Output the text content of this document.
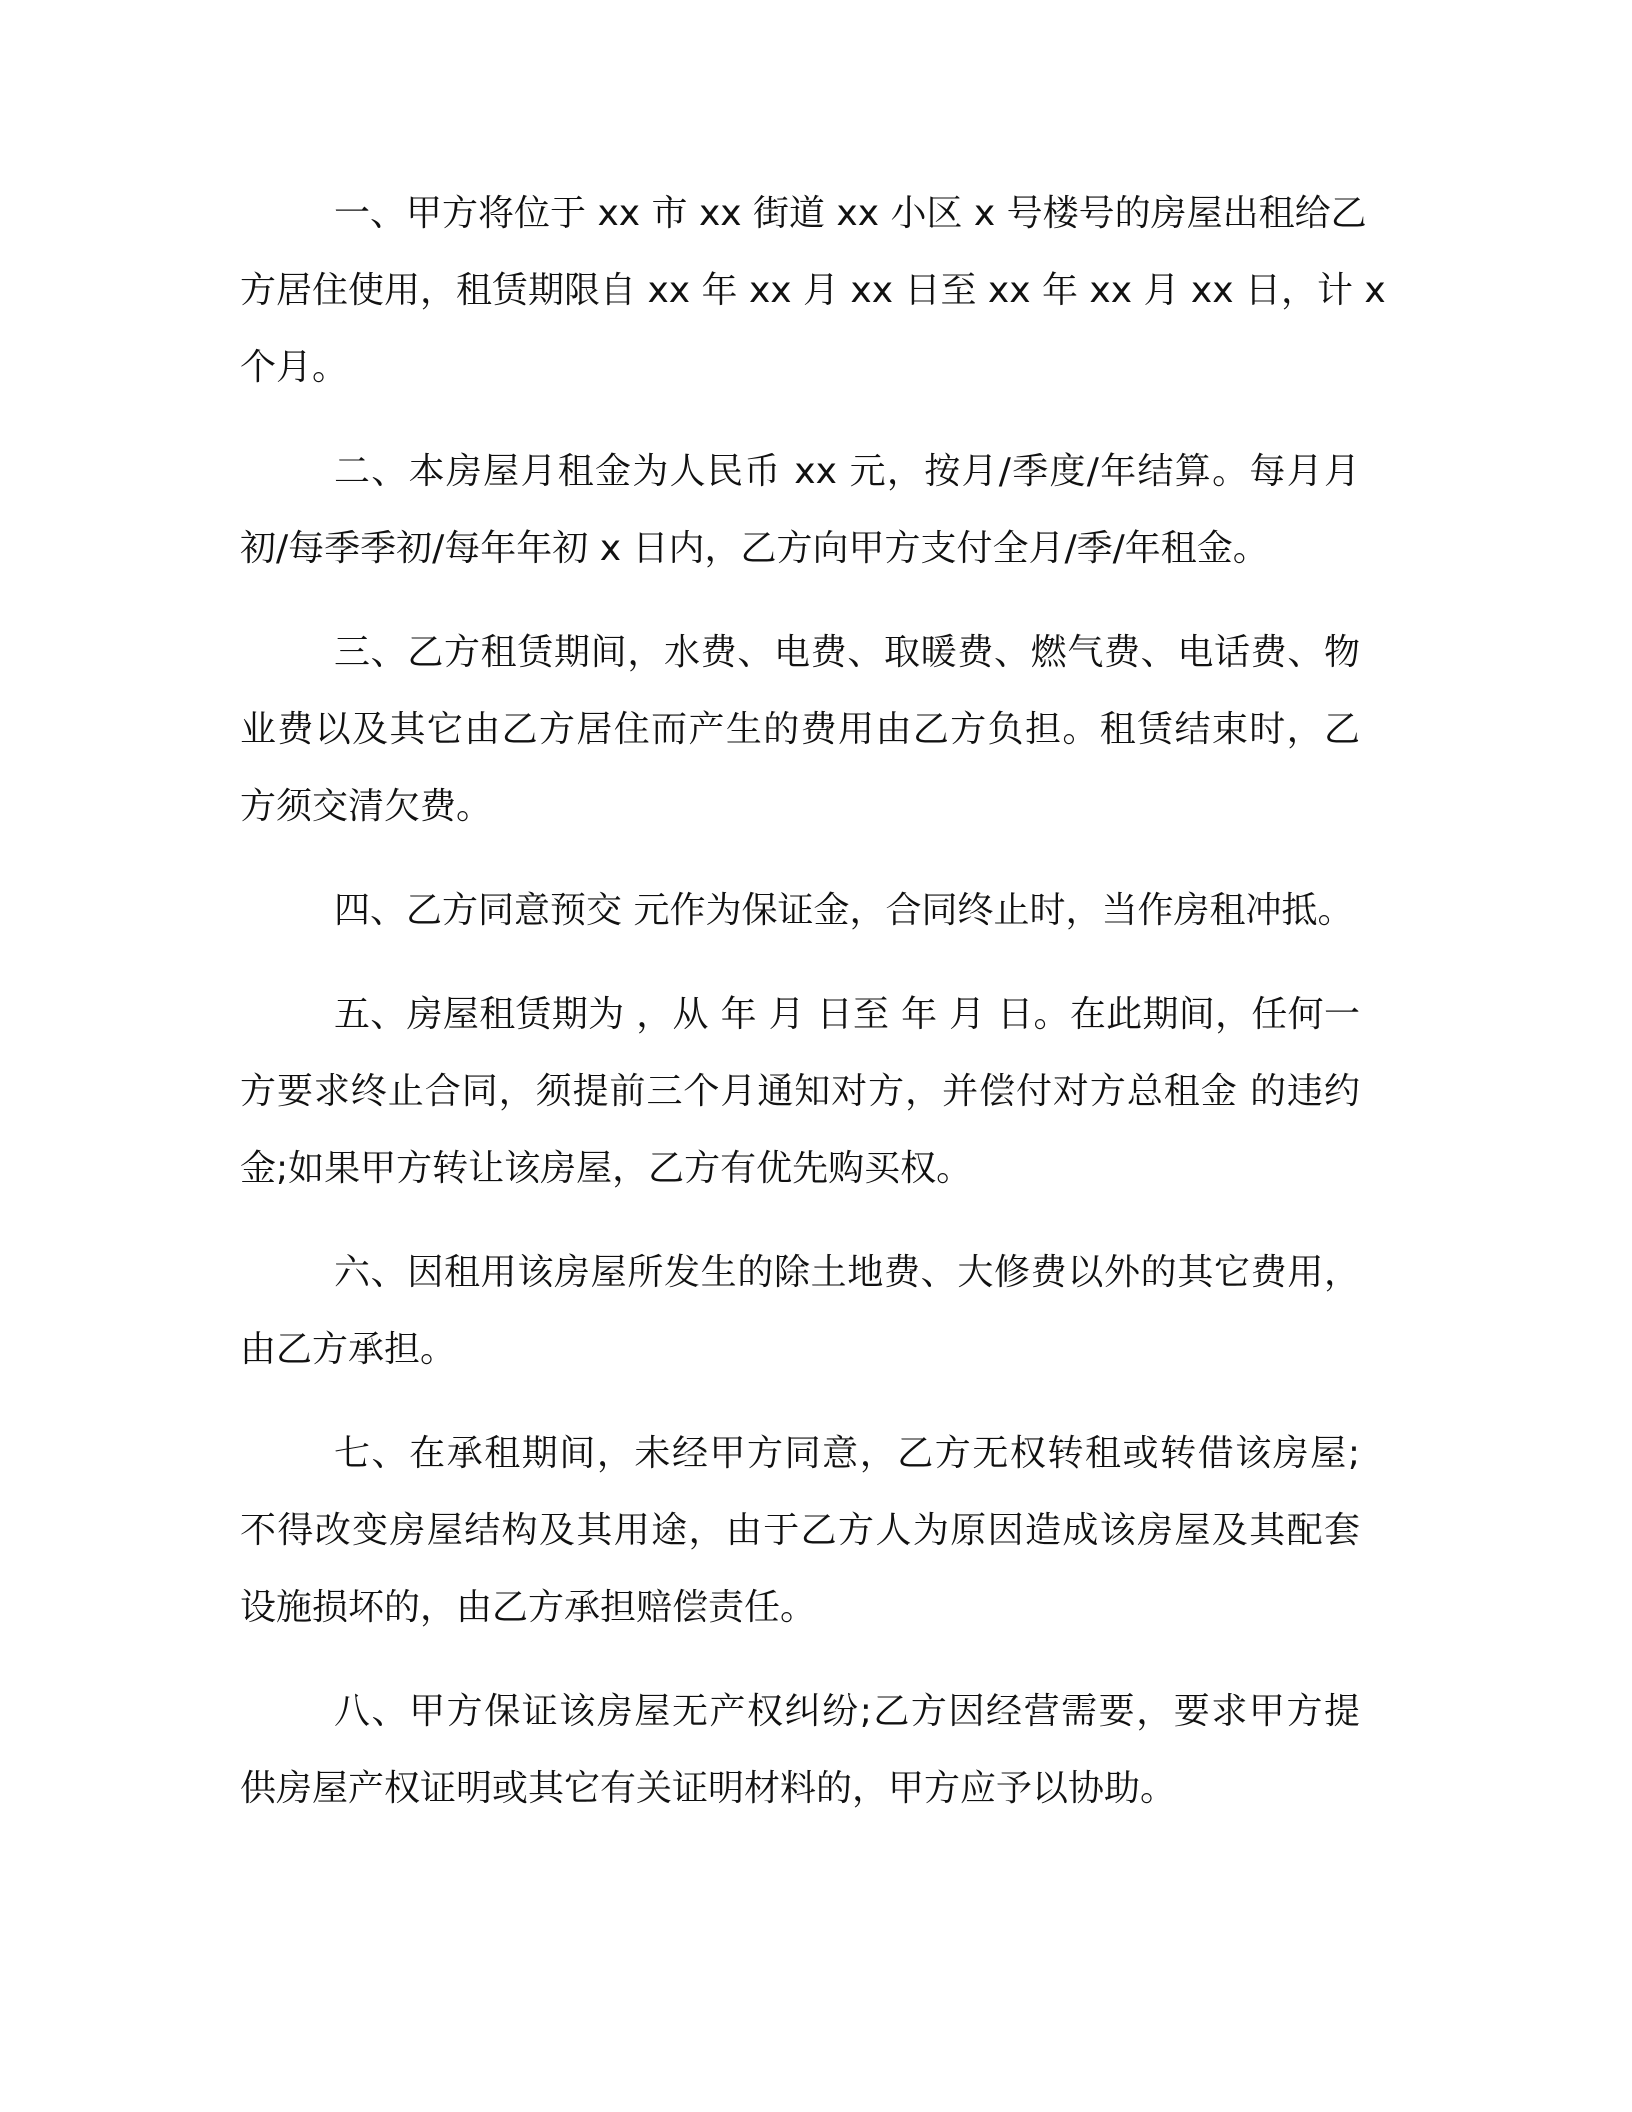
一、甲方将位于 xx 市 xx 街道 xx 小区 x 号楼号的房屋出租给乙
方居住使用，租赁期限自 xx 年 xx 月 xx 日至 xx 年 xx 月 xx 日，计 x
个月。
二、本房屋月租金为人民币 xx 元，按月/季度/年结算。每月月
初/每季季初/每年年初 x 日内，乙方向甲方支付全月/季/年租金。
三、乙方租赁期间，水费、电费、取暖费、燃气费、电话费、物
业费以及其它由乙方居住而产生的费用由乙方负担。租赁结束时，乙
方须交清欠费。
四、乙方同意预交 元作为保证金，合同终止时，当作房租冲抵。
五、房屋租赁期为 ，从 年 月 日至 年 月 日。在此期间，任何一
方要求终止合同，须提前三个月通知对方，并偿付对方总租金 的违约
金;如果甲方转让该房屋，乙方有优先购买权。
六、因租用该房屋所发生的除土地费、大修费以外的其它费用，
由乙方承担。
七、在承租期间，未经甲方同意，乙方无权转租或转借该房屋;
不得改变房屋结构及其用途，由于乙方人为原因造成该房屋及其配套
设施损坏的，由乙方承担赔偿责任。
八、甲方保证该房屋无产权纠纷;乙方因经营需要，要求甲方提
供房屋产权证明或其它有关证明材料的，甲方应予以协助。
